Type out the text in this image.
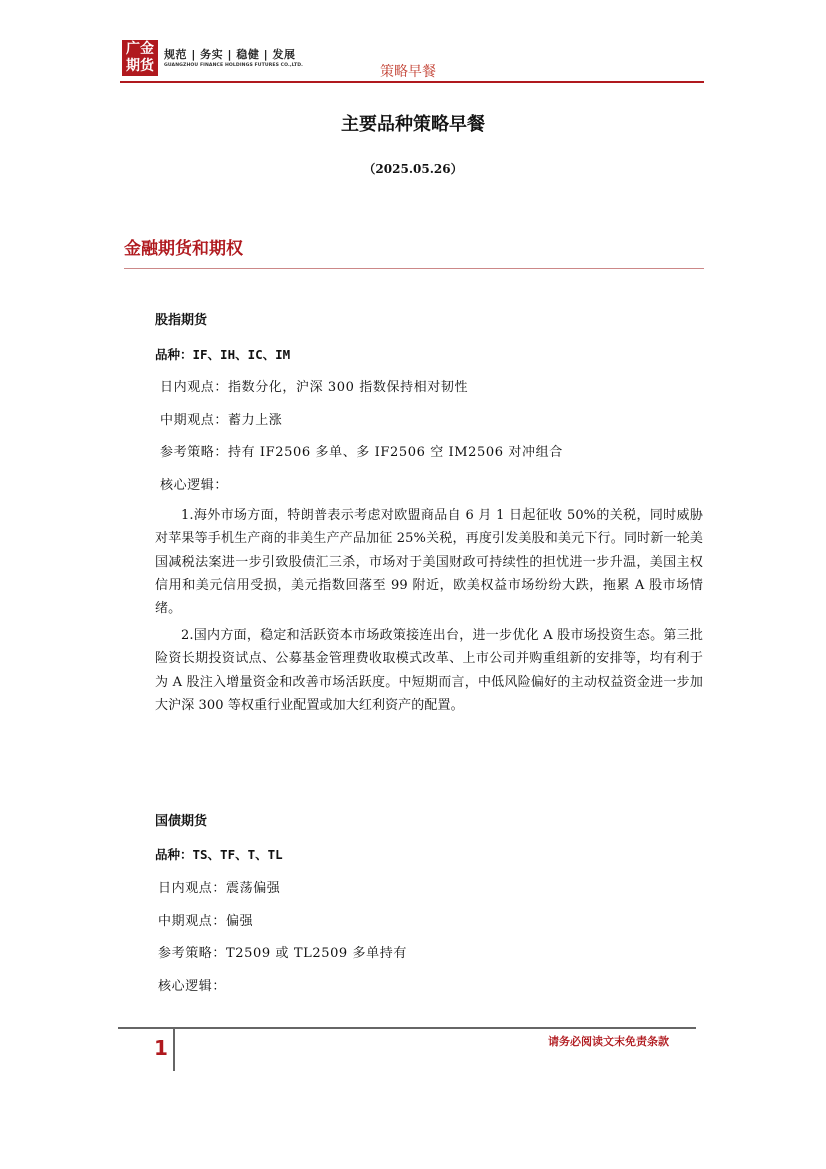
广金
期货
规范 | 务实 | 稳健 | 发展
GUANGZHOU FINANCE HOLDINGS FUTURES CO.,LTD.	策略早餐
主要品种策略早餐
（2025.05.26）
金融期货和期权
股指期货
品种：IF、IH、IC、IM
日内观点：指数分化，沪深 300 指数保持相对韧性
中期观点：蓄力上涨
参考策略：持有 IF2506 多单、多 IF2506 空 IM2506 对冲组合
核心逻辑：
1.海外市场方面，特朗普表示考虑对欧盟商品自 6 月 1 日起征收 50%的关税，同时威胁对苹果等手机生产商的非美生产产品加征 25%关税，再度引发美股和美元下行。同时新一轮美国减税法案进一步引致股债汇三杀，市场对于美国财政可持续性的担忧进一步升温，美国主权信用和美元信用受损，美元指数回落至 99 附近，欧美权益市场纷纷大跌，拖累 A 股市场情绪。
2.国内方面，稳定和活跃资本市场政策接连出台，进一步优化 A 股市场投资生态。第三批险资长期投资试点、公募基金管理费收取模式改革、上市公司并购重组新的安排等，均有利于为 A 股注入增量资金和改善市场活跃度。中短期而言，中低风险偏好的主动权益资金进一步加大沪深 300 等权重行业配置或加大红利资产的配置。
国债期货
品种：TS、TF、T、TL
日内观点：震荡偏强
中期观点：偏强
参考策略：T2509 或 TL2509 多单持有
核心逻辑：
1	请务必阅读文末免责条款
